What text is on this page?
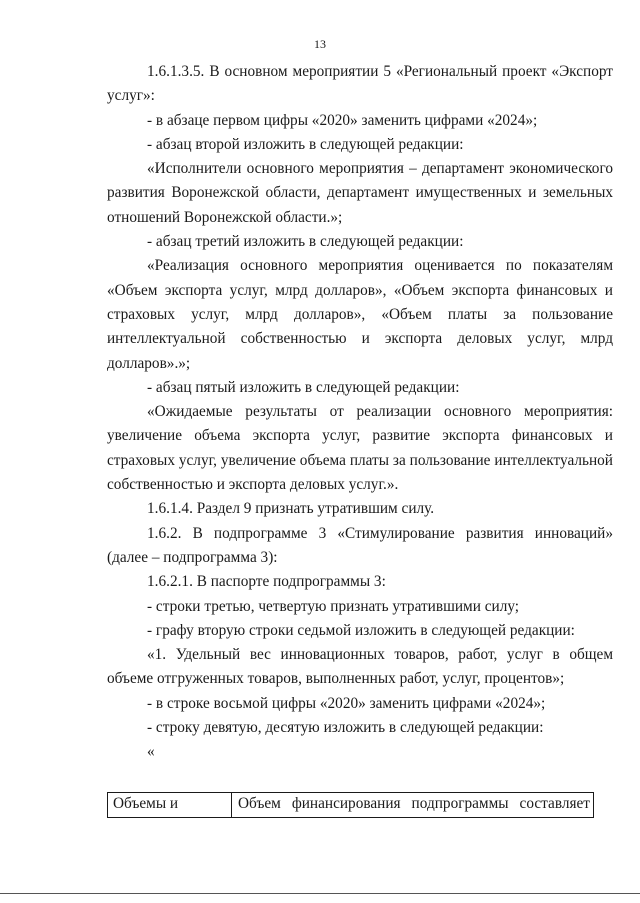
13

1.6.1.3.5. В основном мероприятии 5 «Региональный проект «Экспорт услуг»:

- в абзаце первом цифры «2020» заменить цифрами «2024»;

- абзац второй изложить в следующей редакции:

«Исполнители основного мероприятия – департамент экономического развития Воронежской области, департамент имущественных и земельных отношений Воронежской области.»;

- абзац третий изложить в следующей редакции:

«Реализация основного мероприятия оценивается по показателям «Объем экспорта услуг, млрд долларов», «Объем экспорта финансовых и страховых услуг, млрд долларов», «Объем платы за пользование интеллектуальной собственностью и экспорта деловых услуг, млрд долларов».»;

- абзац пятый изложить в следующей редакции:

«Ожидаемые результаты от реализации основного мероприятия: увеличение объема экспорта услуг, развитие экспорта финансовых и страховых услуг, увеличение объема платы за пользование интеллектуальной собственностью и экспорта деловых услуг.».

1.6.1.4. Раздел 9 признать утратившим силу.

1.6.2. В подпрограмме 3 «Стимулирование развития инноваций» (далее – подпрограмма 3):

1.6.2.1. В паспорте подпрограммы 3:

- строки третью, четвертую признать утратившими силу;

- графу вторую строки седьмой изложить в следующей редакции:

«1. Удельный вес инновационных товаров, работ, услуг в общем объеме отгруженных товаров, выполненных работ, услуг, процентов»;

- в строке восьмой цифры «2020» заменить цифрами «2024»;

- строку девятую, десятую изложить в следующей редакции:

«

Объемы и	Объем финансирования подпрограммы составляет
